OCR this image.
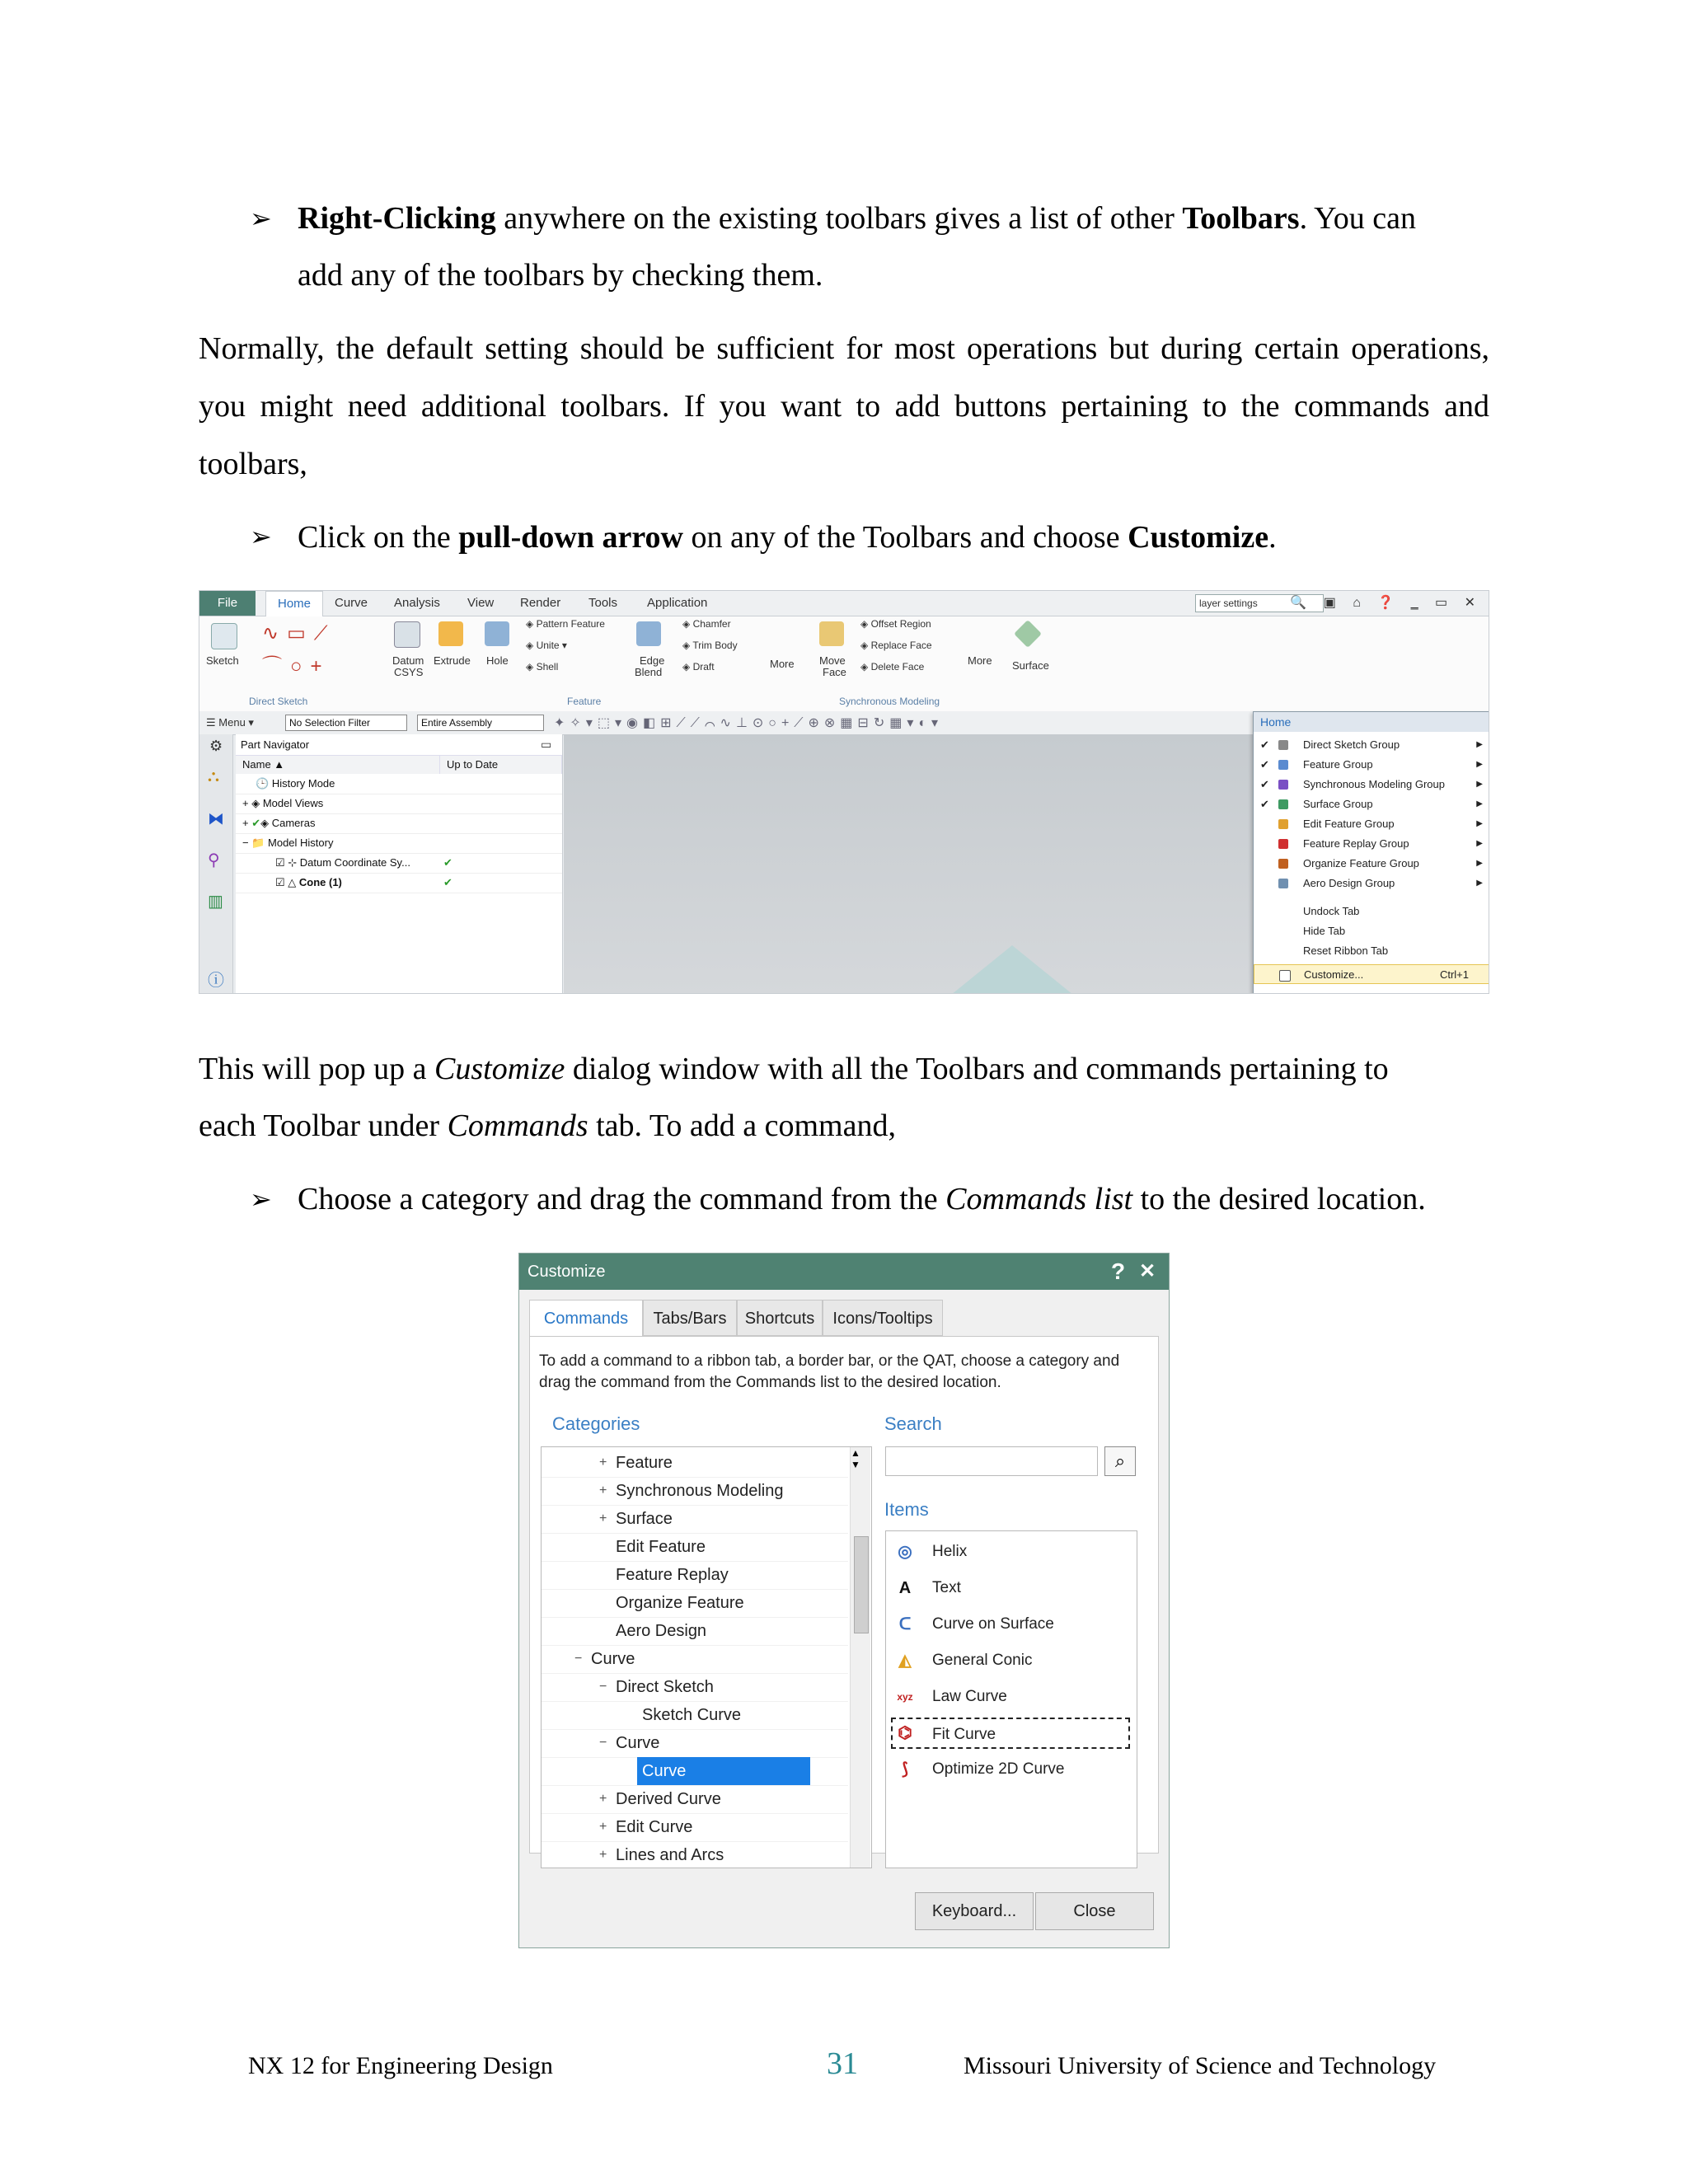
➢ Right-Clicking anywhere on the existing toolbars gives a list of other Toolbars. You can
add any of the toolbars by checking them.
Normally, the default setting should be sufficient for most operations but during certain operations, you might need additional toolbars. If you want to add buttons pertaining to the commands and toolbars,
➢ Click on the pull-down arrow on any of the Toolbars and choose Customize.
File	Home	Curve Analysis View Render Tools Application	layer settings	🔍 ▣ ⌂ ❓ ‗ ▭ ✕
Sketch
∿▭⟋
⌒○+
Direct Sketch
Datum
CSYS
Extrude Hole
◈ Pattern Feature
◈ Unite ▾
◈ Shell	Edge
Blend
◈ Chamfer
◈ Trim Body
◈ Draft	More
Feature
Move
Face
◈ Offset Region
◈ Replace Face
◈ Delete Face	More
Synchronous Modeling
Surface
☰ Menu ▾	No Selection Filter	Entire Assembly	✦✧▾⬚▾◉◧⊞⟋⟋⌒∿⊥⊙○+⟋⊕⊗▦⊟↻▦▾◐▾
⚙
⛬
⧓
⚲
▥
ⓘ
Part Navigator	▭
Name ▲	Up to Date
🕒 History Mode
+ ◈ Model Views
+ ✔◈ Cameras
− 📁 Model History
☑ ⊹ Datum Coordinate Sy...	✔
☑ △ Cone (1)	✔
Home
✔	Direct Sketch Group	▶
✔	Feature Group	▶
✔	Synchronous Modeling Group	▶
✔	Surface Group	▶
Edit Feature Group	▶
Feature Replay Group	▶
Organize Feature Group	▶
Aero Design Group	▶
Undock Tab
Hide Tab
Reset Ribbon Tab
Customize...	Ctrl+1
This will pop up a Customize dialog window with all the Toolbars and commands pertaining to
each Toolbar under Commands tab. To add a command,
➢ Choose a category and drag the command from the Commands list to the desired location.
Customize	? ✕
Commands	Tabs/Bars	Shortcuts	Icons/Tooltips
To add a command to a ribbon tab, a border bar, or the QAT, choose a category and drag the command from the Commands list to the desired location.
Categories	Search
Items
+ Feature
+ Synchronous Modeling
+ Surface
Edit Feature
Feature Replay
Organize Feature
Aero Design
− Curve
− Direct Sketch
Sketch Curve
− Curve
Curve
+ Derived Curve
+ Edit Curve
+ Lines and Arcs
▲
▼	⌕
◎ Helix
A Text
ᑕ Curve on Surface
◭ General Conic
xyz Law Curve
⌬ Fit Curve
⟆	Optimize 2D Curve
Keyboard...	Close
NX 12 for Engineering Design	31	Missouri University of Science and Technology
